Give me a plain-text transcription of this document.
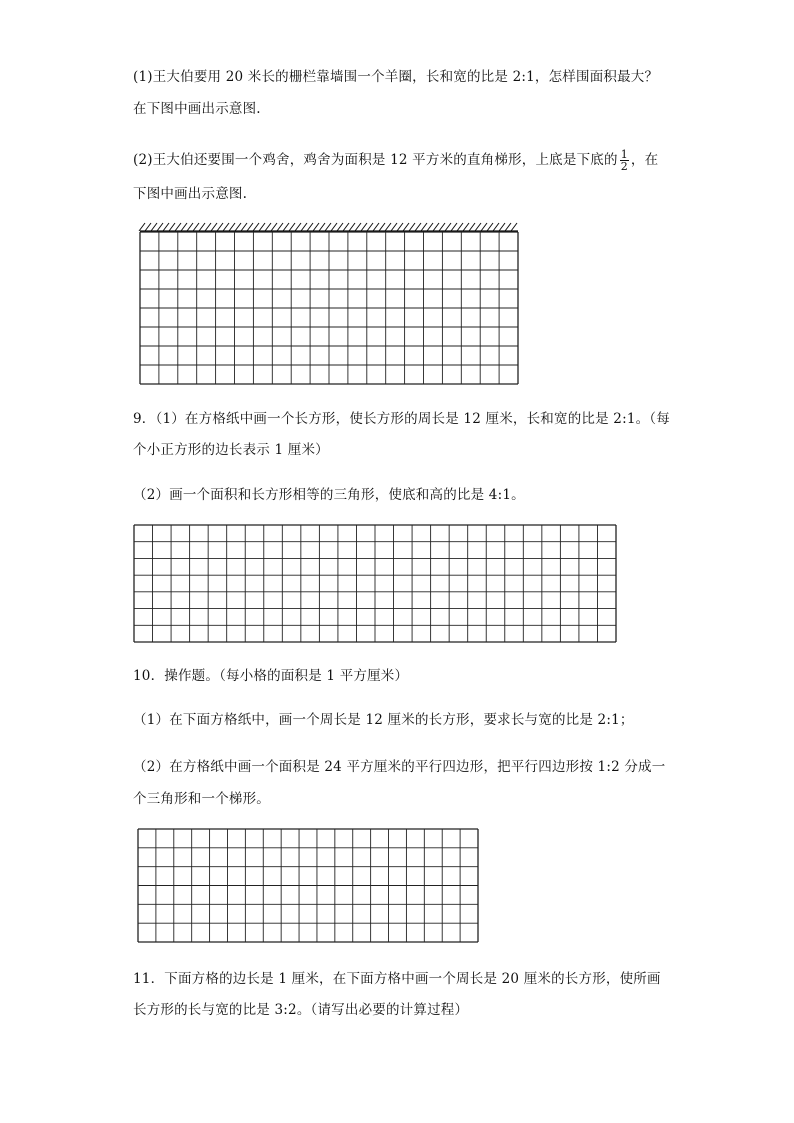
(1)王大伯要用 20 米长的栅栏靠墙围一个羊圈，长和宽的比是 2:1，怎样围面积最大？
在下图中画出示意图.
(2)王大伯还要围一个鸡舍，鸡舍为面积是 12 平方米的直角梯形，上底是下底的 $\frac{1}{2}$ ，在
下图中画出示意图.
9．（1）在方格纸中画一个长方形，使长方形的周长是 12 厘米，长和宽的比是 2:1。（每
个小正方形的边长表示 1 厘米）
（2）画一个面积和长方形相等的三角形，使底和高的比是 4:1。
10．操作题。（每小格的面积是 1 平方厘米）
（1）在下面方格纸中，画一个周长是 12 厘米的长方形，要求长与宽的比是 2:1；
（2）在方格纸中画一个面积是 24 平方厘米的平行四边形，把平行四边形按 1:2 分成一
个三角形和一个梯形。
11．下面方格的边长是 1 厘米，在下面方格中画一个周长是 20 厘米的长方形，使所画
长方形的长与宽的比是 3:2。（请写出必要的计算过程）
